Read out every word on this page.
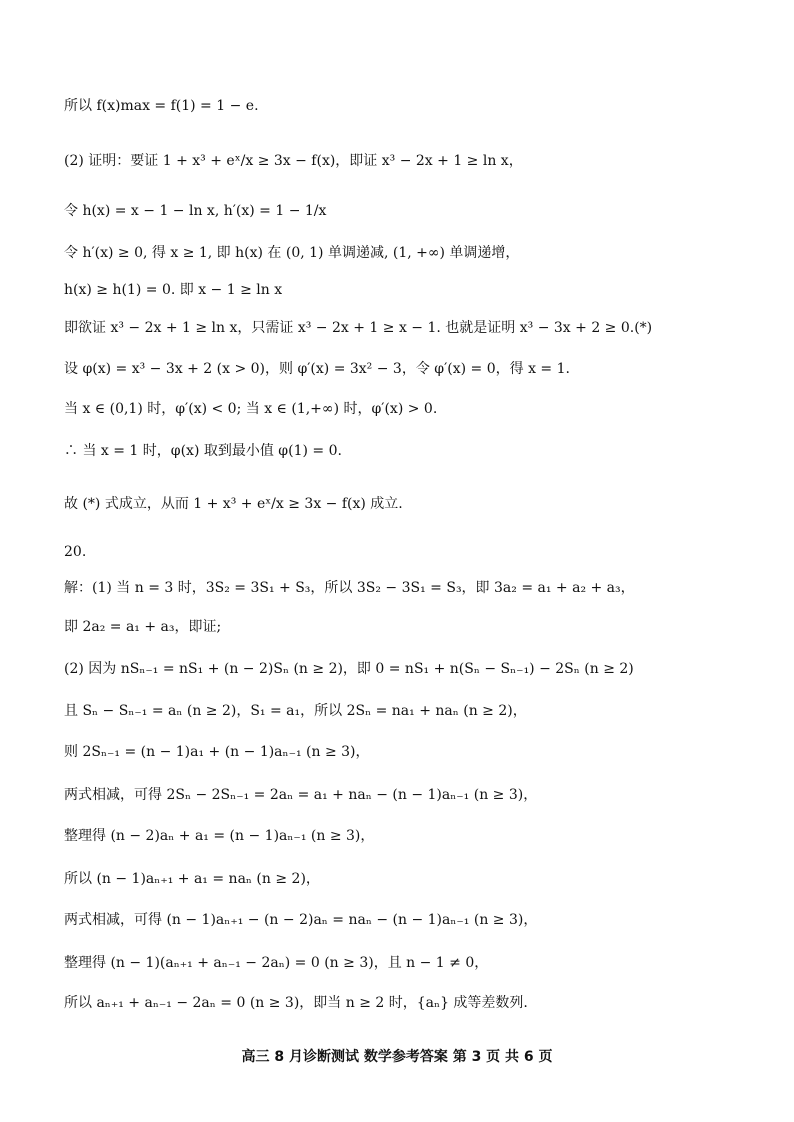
所以 f(x)max = f(1) = 1 − e.
(2) 证明：要证 1 + x³ + eˣ/x ≥ 3x − f(x)，即证 x³ − 2x + 1 ≥ ln x，
令 h(x) = x − 1 − ln x, h′(x) = 1 − 1/x
令 h′(x) ≥ 0, 得 x ≥ 1, 即 h(x) 在 (0, 1) 单调递减, (1, +∞) 单调递增，
h(x) ≥ h(1) = 0. 即 x − 1 ≥ ln x
即欲证 x³ − 2x + 1 ≥ ln x，只需证 x³ − 2x + 1 ≥ x − 1. 也就是证明 x³ − 3x + 2 ≥ 0.(*)
设 φ(x) = x³ − 3x + 2 (x > 0)，则 φ′(x) = 3x² − 3，令 φ′(x) = 0，得 x = 1.
当 x ∈ (0,1) 时，φ′(x) < 0; 当 x ∈ (1,+∞) 时，φ′(x) > 0.
∴ 当 x = 1 时，φ(x) 取到最小值 φ(1) = 0.
故 (*) 式成立，从而 1 + x³ + eˣ/x ≥ 3x − f(x) 成立.
20.
解：(1) 当 n = 3 时，3S₂ = 3S₁ + S₃，所以 3S₂ − 3S₁ = S₃，即 3a₂ = a₁ + a₂ + a₃，
即 2a₂ = a₁ + a₃，即证;
(2) 因为 nSₙ₋₁ = nS₁ + (n − 2)Sₙ (n ≥ 2)，即 0 = nS₁ + n(Sₙ − Sₙ₋₁) − 2Sₙ (n ≥ 2)
且 Sₙ − Sₙ₋₁ = aₙ (n ≥ 2)，S₁ = a₁，所以 2Sₙ = na₁ + naₙ (n ≥ 2)，
则 2Sₙ₋₁ = (n − 1)a₁ + (n − 1)aₙ₋₁ (n ≥ 3)，
两式相减，可得 2Sₙ − 2Sₙ₋₁ = 2aₙ = a₁ + naₙ − (n − 1)aₙ₋₁ (n ≥ 3)，
整理得 (n − 2)aₙ + a₁ = (n − 1)aₙ₋₁ (n ≥ 3)，
所以 (n − 1)aₙ₊₁ + a₁ = naₙ (n ≥ 2)，
两式相减，可得 (n − 1)aₙ₊₁ − (n − 2)aₙ = naₙ − (n − 1)aₙ₋₁ (n ≥ 3)，
整理得 (n − 1)(aₙ₊₁ + aₙ₋₁ − 2aₙ) = 0 (n ≥ 3)，且 n − 1 ≠ 0，
所以 aₙ₊₁ + aₙ₋₁ − 2aₙ = 0 (n ≥ 3)，即当 n ≥ 2 时，{aₙ} 成等差数列.
高三 8 月诊断测试 数学参考答案 第 3 页 共 6 页
